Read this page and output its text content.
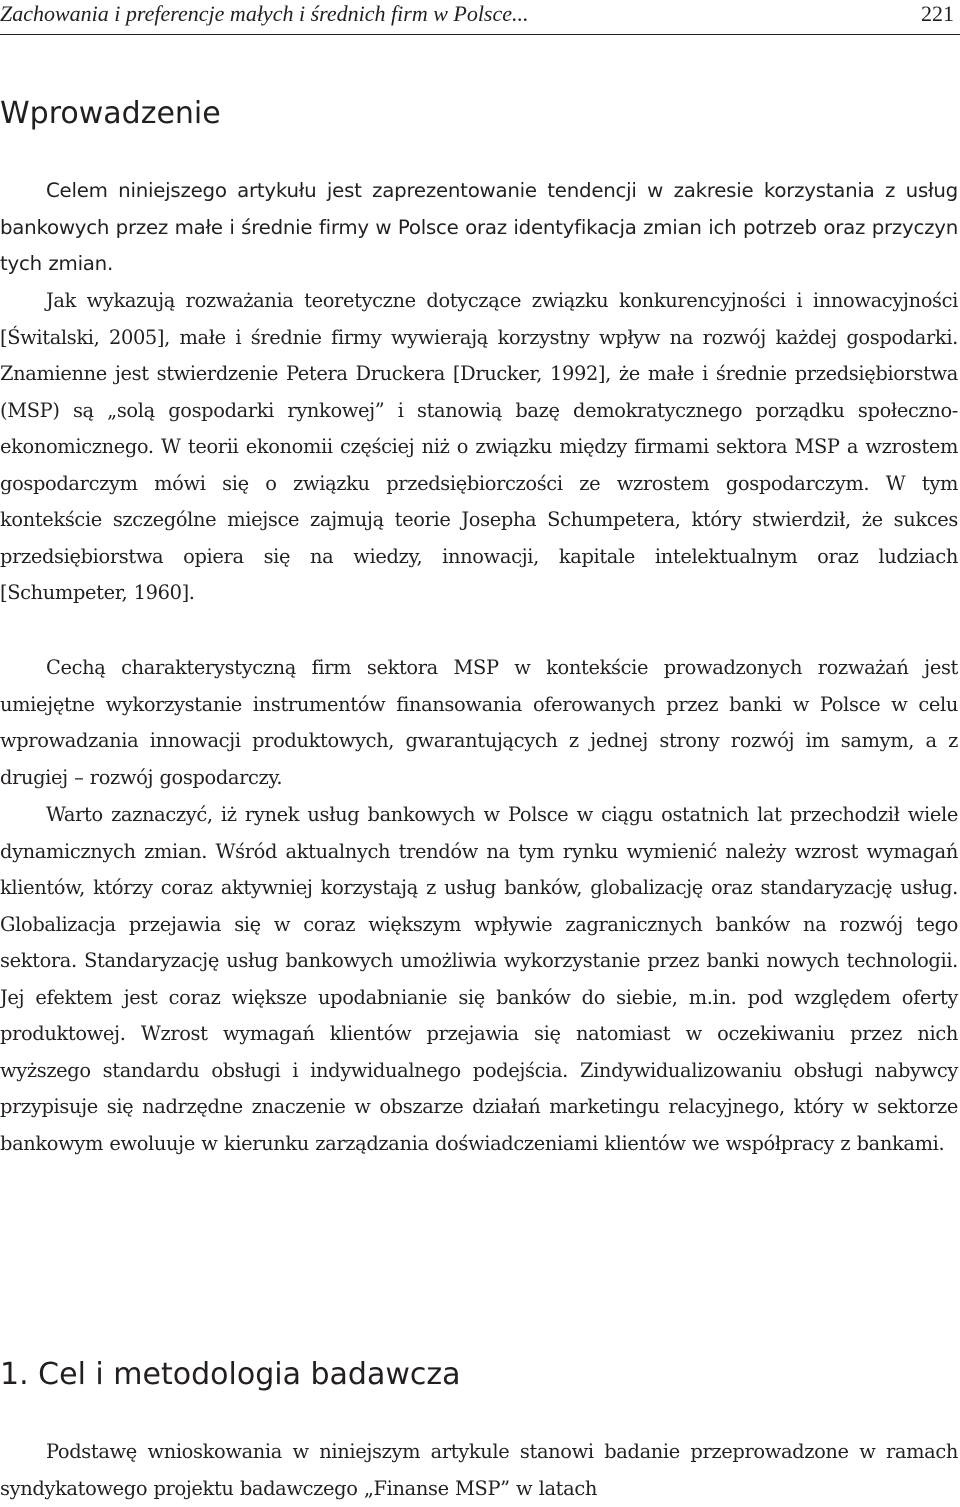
Zachowania i preferencje małych i średnich firm w Polsce...	221
Wprowadzenie

Celem niniejszego artykułu jest zaprezentowanie tendencji w zakresie korzystania z usług bankowych przez małe i średnie firmy w Polsce oraz identyfikacja zmian ich potrzeb oraz przyczyn tych zmian.

Jak wykazują rozważania teoretyczne dotyczące związku konkurencyjności i innowacyjności [Świtalski, 2005], małe i średnie firmy wywierają korzystny wpływ na rozwój każdej gospodarki. Znamienne jest stwierdzenie Petera Druckera [Drucker, 1992], że małe i średnie przedsiębiorstwa (MSP) są „solą gospodarki rynkowej” i stanowią bazę demokratycznego porządku społeczno-ekonomicznego. W teorii ekonomii częściej niż o związku między firmami sektora MSP a wzrostem gospodarczym mówi się o związku przedsiębiorczości ze wzrostem gospodarczym. W tym kontekście szczególne miejsce zajmują teorie Josepha Schumpetera, który stwierdził, że sukces przedsiębiorstwa opiera się na wiedzy, innowacji, kapitale intelektualnym oraz ludziach [Schumpeter, 1960].

Cechą charakterystyczną firm sektora MSP w kontekście prowadzonych rozważań jest umiejętne wykorzystanie instrumentów finansowania oferowanych przez banki w Polsce w celu wprowadzania innowacji produktowych, gwarantujących z jednej strony rozwój im samym, a z drugiej – rozwój gospodarczy.

Warto zaznaczyć, iż rynek usług bankowych w Polsce w ciągu ostatnich lat przechodził wiele dynamicznych zmian. Wśród aktualnych trendów na tym rynku wymienić należy wzrost wymagań klientów, którzy coraz aktywniej korzystają z usług banków, globalizację oraz standaryzację usług. Globalizacja przejawia się w coraz większym wpływie zagranicznych banków na rozwój tego sektora. Standaryzację usług bankowych umożliwia wykorzystanie przez banki nowych technologii. Jej efektem jest coraz większe upodabnianie się banków do siebie, m.in. pod względem oferty produktowej. Wzrost wymagań klientów przejawia się natomiast w oczekiwaniu przez nich wyższego standardu obsługi i indywidualnego podejścia. Zindywidualizowaniu obsługi nabywcy przypisuje się nadrzędne znaczenie w obszarze działań marketingu relacyjnego, który w sektorze bankowym ewoluuje w kierunku zarządzania doświadczeniami klientów we współpracy z bankami.

1. Cel i metodologia badawcza

Podstawę wnioskowania w niniejszym artykule stanowi badanie przeprowadzone w ramach syndykatowego projektu badawczego „Finanse MSP” w latach
